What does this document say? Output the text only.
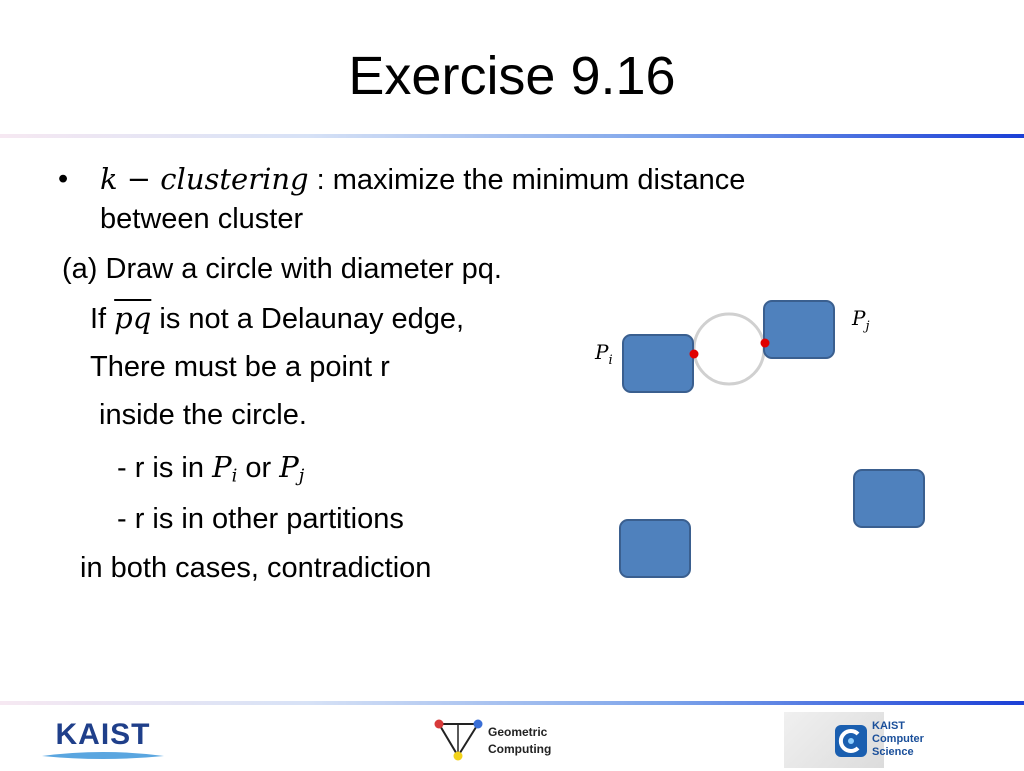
Exercise 9.16
• k − clustering : maximize the minimum distance
between cluster
(a) Draw a circle with diameter pq.
If $\overline{pq}$ is not a Delaunay edge,
There must be a point r
inside the circle.
- r is in $P_i$ or $P_j$
- r is in other partitions
in both cases, contradiction
$P_i$
$P_j$
KAIST	Geometric
Computing
KAIST
Computer
Science
